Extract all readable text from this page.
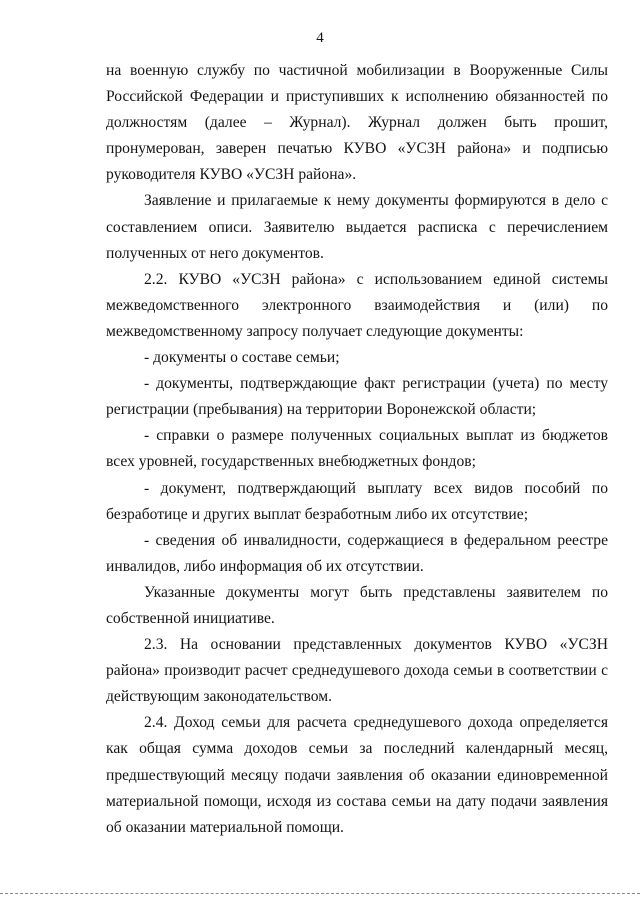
4

на военную службу по частичной мобилизации в Вооруженные Силы Российской Федерации и приступивших к исполнению обязанностей по должностям (далее – Журнал). Журнал должен быть прошит, пронумерован, заверен печатью КУВО «УСЗН района» и подписью руководителя КУВО «УСЗН района».

Заявление и прилагаемые к нему документы формируются в дело с составлением описи. Заявителю выдается расписка с перечислением полученных от него документов.

2.2. КУВО «УСЗН района» с использованием единой системы межведомственного электронного взаимодействия и (или) по межведомственному запросу получает следующие документы:

- документы о составе семьи;

- документы, подтверждающие факт регистрации (учета) по месту регистрации (пребывания) на территории Воронежской области;

- справки о размере полученных социальных выплат из бюджетов всех уровней, государственных внебюджетных фондов;

- документ, подтверждающий выплату всех видов пособий по безработице и других выплат безработным либо их отсутствие;

- сведения об инвалидности, содержащиеся в федеральном реестре инвалидов, либо информация об их отсутствии.

Указанные документы могут быть представлены заявителем по собственной инициативе.

2.3. На основании представленных документов КУВО «УСЗН района» производит расчет среднедушевого дохода семьи в соответствии с действующим законодательством.

2.4. Доход семьи для расчета среднедушевого дохода определяется как общая сумма доходов семьи за последний календарный месяц, предшествующий месяцу подачи заявления об оказании единовременной материальной помощи, исходя из состава семьи на дату подачи заявления об оказании материальной помощи.
